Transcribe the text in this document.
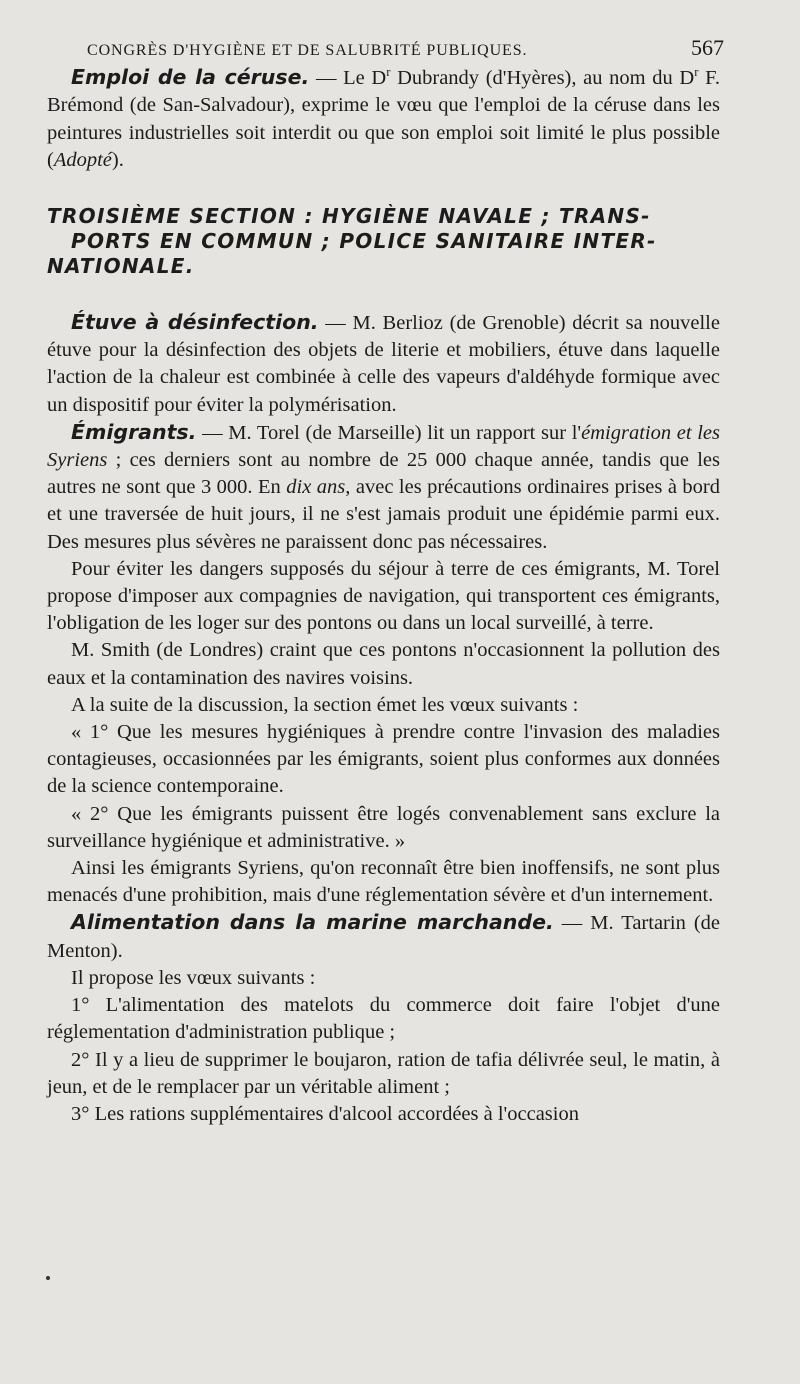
CONGRÈS D'HYGIÈNE ET DE SALUBRITÉ PUBLIQUES.	567

Emploi de la céruse. — Le $D^r$ Dubrandy (d'Hyères), au nom du $D^r$ F. Brémond (de San-Salvadour), exprime le vœu que l'emploi de la céruse dans les peintures industrielles soit interdit ou que son emploi soit limité le plus possible (Adopté).

TROISIÈME SECTION : HYGIÈNE NAVALE ; TRANS-
PORTS EN COMMUN ; POLICE SANITAIRE INTER-
NATIONALE.

Étuve à désinfection. — M. Berlioz (de Grenoble) décrit sa nouvelle étuve pour la désinfection des objets de literie et mobiliers, étuve dans laquelle l'action de la chaleur est combinée à celle des vapeurs d'aldéhyde formique avec un dispositif pour éviter la polymérisation.

Émigrants. — M. Torel (de Marseille) lit un rapport sur l'émigration et les Syriens ; ces derniers sont au nombre de 25 000 chaque année, tandis que les autres ne sont que 3 000. En dix ans, avec les précautions ordinaires prises à bord et une traversée de huit jours, il ne s'est jamais produit une épidémie parmi eux. Des mesures plus sévères ne paraissent donc pas nécessaires.

Pour éviter les dangers supposés du séjour à terre de ces émigrants, M. Torel propose d'imposer aux compagnies de navigation, qui transportent ces émigrants, l'obligation de les loger sur des pontons ou dans un local surveillé, à terre.

M. Smith (de Londres) craint que ces pontons n'occasionnent la pollution des eaux et la contamination des navires voisins.

A la suite de la discussion, la section émet les vœux suivants :

« 1° Que les mesures hygiéniques à prendre contre l'invasion des maladies contagieuses, occasionnées par les émigrants, soient plus conformes aux données de la science contemporaine.

« 2° Que les émigrants puissent être logés convenablement sans exclure la surveillance hygiénique et administrative. »

Ainsi les émigrants Syriens, qu'on reconnaît être bien inoffensifs, ne sont plus menacés d'une prohibition, mais d'une réglementation sévère et d'un internement.

Alimentation dans la marine marchande. — M. Tartarin (de Menton).

Il propose les vœux suivants :

1° L'alimentation des matelots du commerce doit faire l'objet d'une réglementation d'administration publique ;

2° Il y a lieu de supprimer le boujaron, ration de tafia délivrée seul, le matin, à jeun, et de le remplacer par un véritable aliment ;

3° Les rations supplémentaires d'alcool accordées à l'occasion
